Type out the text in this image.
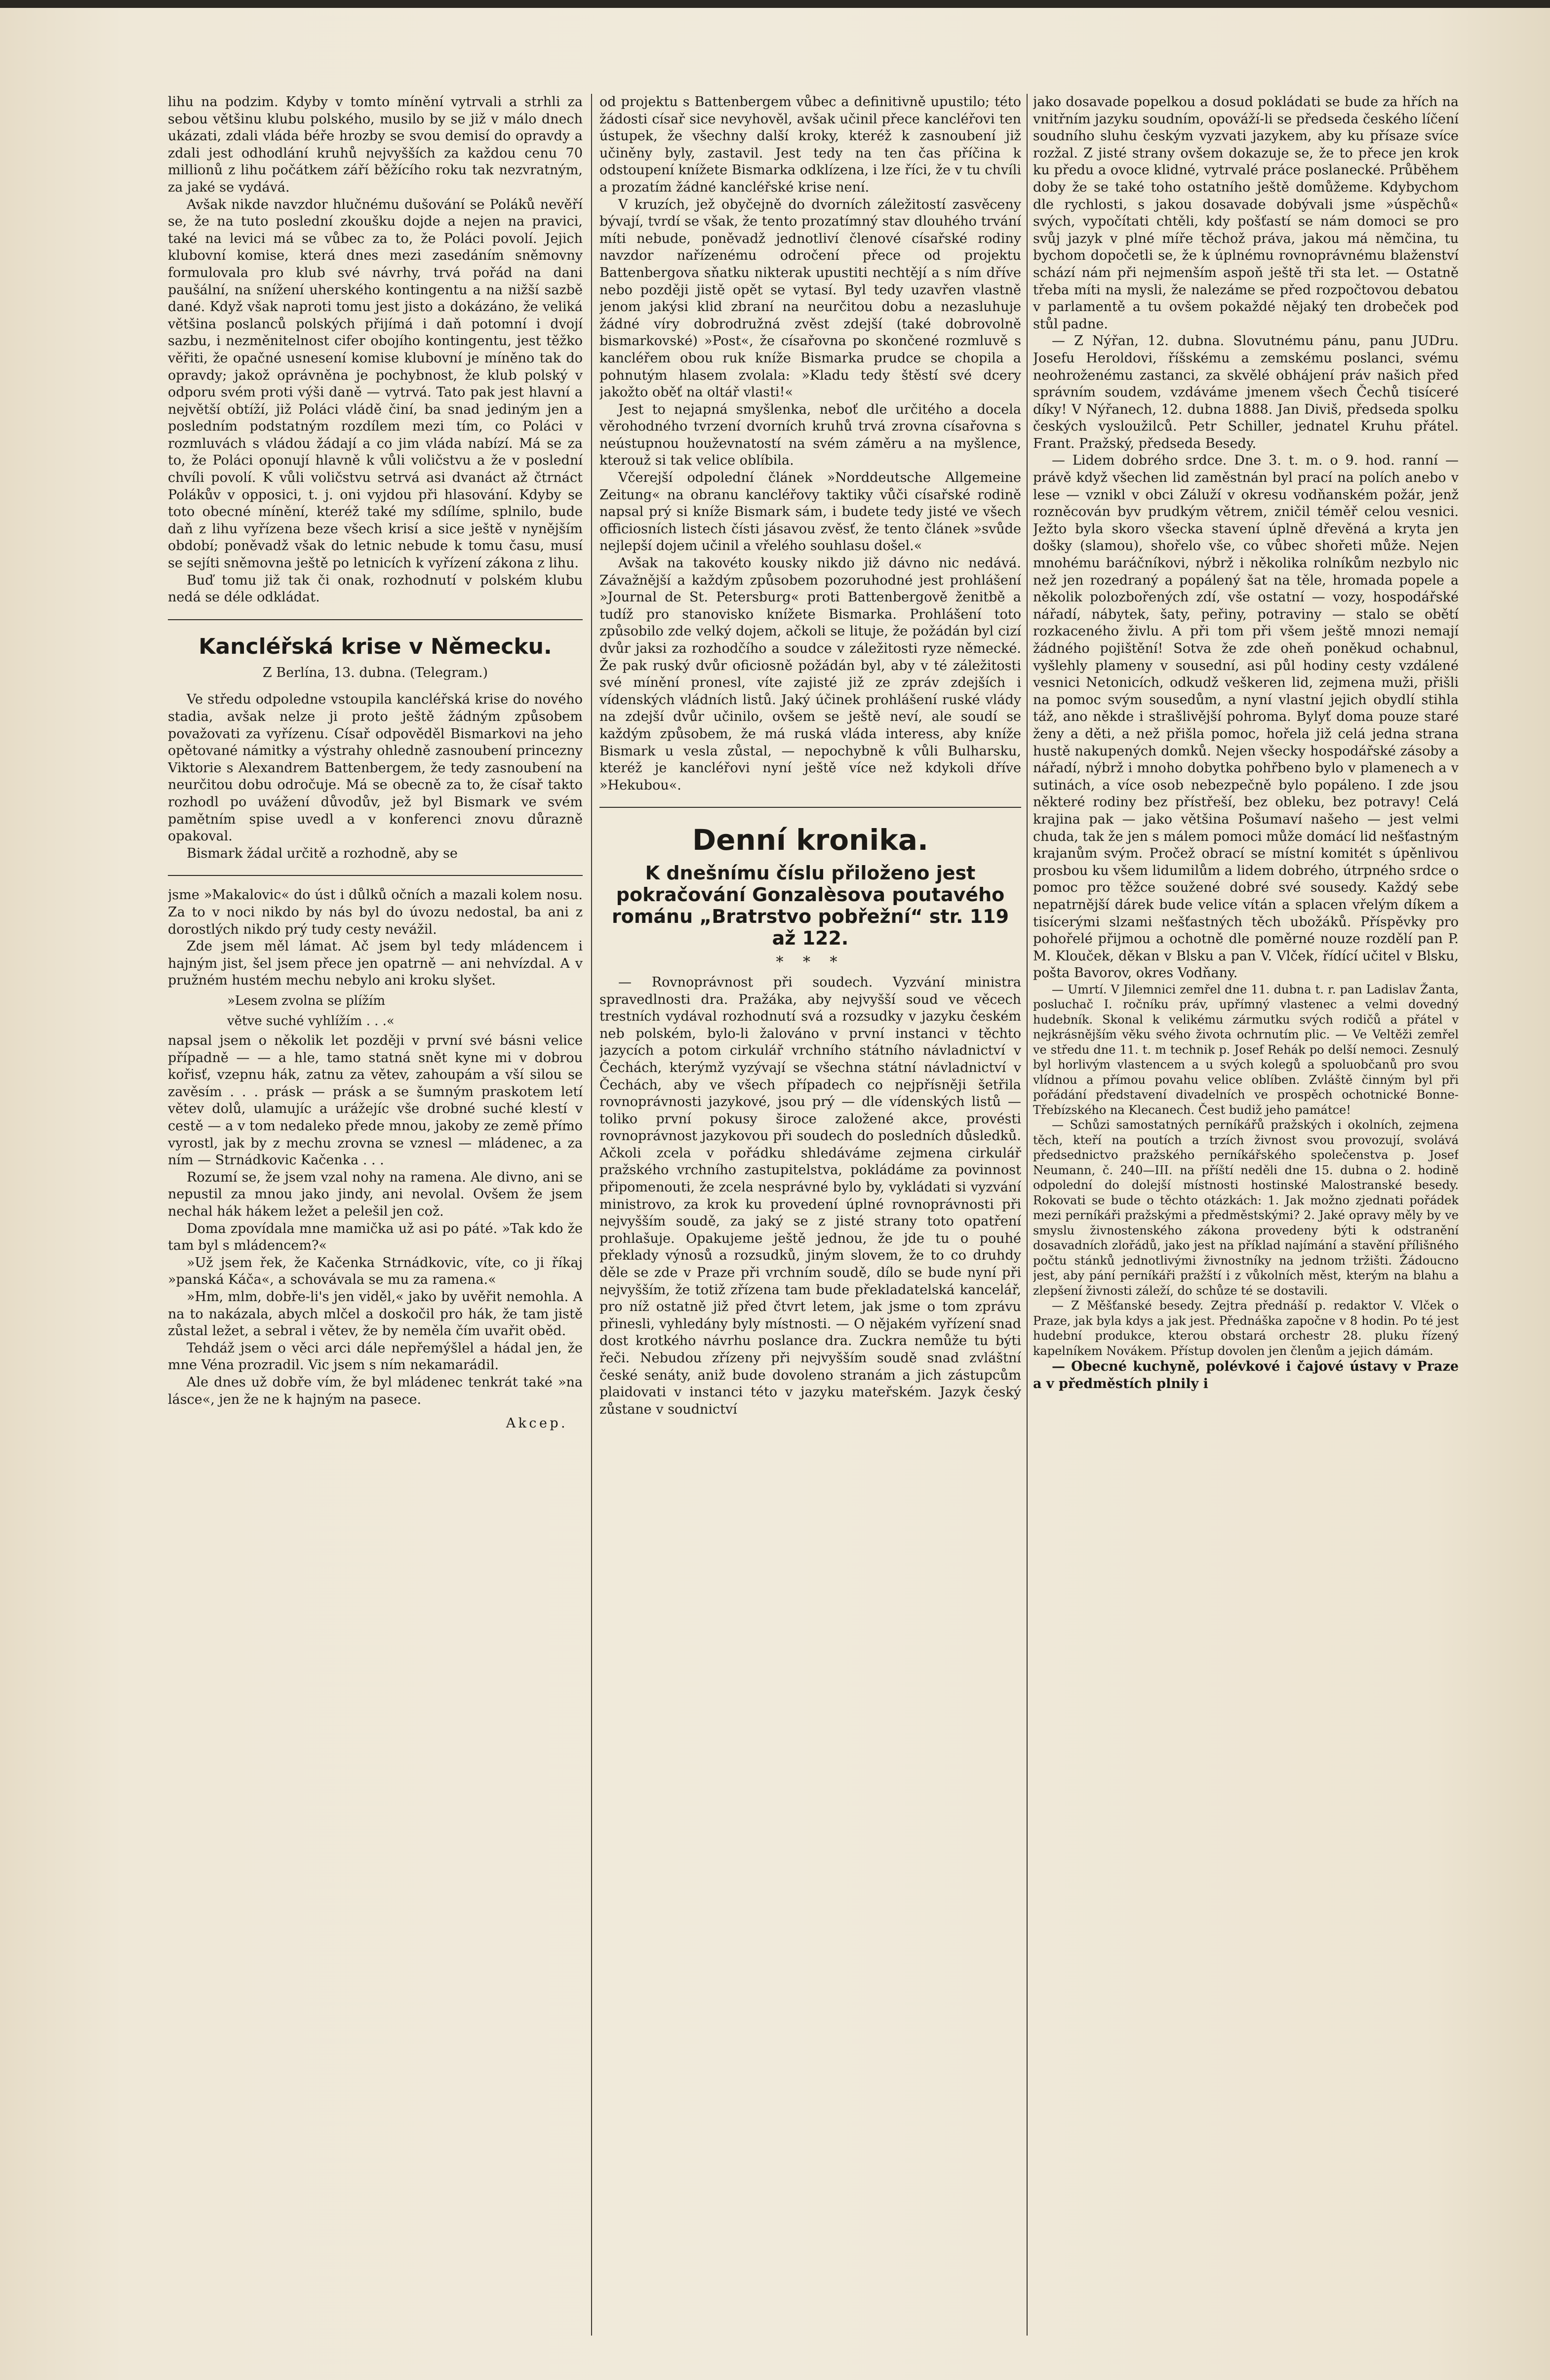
lihu na podzim. Kdyby v tomto mínění vytrvali a strhli za sebou většinu klubu polského, musilo by se již v málo dnech ukázati, zdali vláda béře hrozby se svou demisí do opravdy a zdali jest odhodlání kruhů nejvyšších za každou cenu 70 millionů z lihu počátkem září běžícího roku tak nezvratným, za jaké se vydává.

Avšak nikde navzdor hlučnému dušování se Poláků nevěří se, že na tuto poslední zkoušku dojde a nejen na pravici, také na levici má se vůbec za to, že Poláci povolí. Jejich klubovní komise, která dnes mezi zasedáním sněmovny formulovala pro klub své návrhy, trvá pořád na dani paušální, na snížení uherského kontingentu a na nižší sazbě dané. Když však naproti tomu jest jisto a dokázáno, že veliká většina poslanců polských přijímá i daň potomní i dvojí sazbu, i nezměnitelnost cifer obojího kontingentu, jest těžko věřiti, že opačné usnesení komise klubovní je míněno tak do opravdy; jakož oprávněna je pochybnost, že klub polský v odporu svém proti výši daně — vytrvá. Tato pak jest hlavní a největší obtíží, již Poláci vládě činí, ba snad jediným jen a posledním podstatným rozdílem mezi tím, co Poláci v rozmluvách s vládou žádají a co jim vláda nabízí. Má se za to, že Poláci oponují hlavně k vůli voličstvu a že v poslední chvíli povolí. K vůli voličstvu setrvá asi dvanáct až čtrnáct Polákův v opposici, t. j. oni vyjdou při hlasování. Kdyby se toto obecné mínění, kteréž také my sdílíme, splnilo, bude daň z lihu vyřízena beze všech krisí a sice ještě v nynějším období; poněvadž však do letnic nebude k tomu času, musí se sejíti sněmovna ještě po letnicích k vyřízení zákona z lihu.

Buď tomu již tak či onak, rozhodnutí v polském klubu nedá se déle odkládat.

Kancléřská krise v Německu.
Z Berlína, 13. dubna. (Telegram.)

Ve středu odpoledne vstoupila kancléřská krise do nového stadia, avšak nelze ji proto ještě žádným způsobem považovati za vyřízenu. Císař odpověděl Bismarkovi na jeho opětované námitky a výstrahy ohledně zasnoubení princezny Viktorie s Alexandrem Battenbergem, že tedy zasnoubení na neurčitou dobu odročuje. Má se obecně za to, že císař takto rozhodl po uvážení důvodův, jež byl Bismark ve svém pamětním spise uvedl a v konferenci znovu důrazně opakoval.

Bismark žádal určitě a rozhodně, aby se

jsme »Makalovic« do úst i důlků očních a mazali kolem nosu. Za to v noci nikdo by nás byl do úvozu nedostal, ba ani z dorostlých nikdo prý tudy cesty nevážil.

Zde jsem měl lámat. Ač jsem byl tedy mládencem i hajným jist, šel jsem přece jen opatrně — ani nehvízdal. A v pružném hustém mechu nebylo ani kroku slyšet.

»Lesem zvolna se plížím

větve suché vyhlížím . . .«

napsal jsem o několik let později v první své básni velice případně — — a hle, tamo statná snět kyne mi v dobrou kořisť, vzepnu hák, zatnu za větev, zahoupám a vší silou se zavěsím . . . prásk — prásk a se šumným praskotem letí větev dolů, ulamujíc a urážejíc vše drobné suché klestí v cestě — a v tom nedaleko přede mnou, jakoby ze země přímo vyrostl, jak by z mechu zrovna se vznesl — mládenec, a za ním — Strnádkovic Kačenka . . .

Rozumí se, že jsem vzal nohy na ramena. Ale divno, ani se nepustil za mnou jako jindy, ani nevolal. Ovšem že jsem nechal hák hákem ležet a pelešil jen což.

Doma zpovídala mne mamička už asi po páté. »Tak kdo že tam byl s mládencem?«

»Už jsem řek, že Kačenka Strnádkovic, víte, co ji říkaj »panská Káča«, a schovávala se mu za ramena.«

»Hm, mlm, dobře-li's jen viděl,« jako by uvěřit nemohla. A na to nakázala, abych mlčel a doskočil pro hák, že tam jistě zůstal ležet, a sebral i větev, že by neměla čím uvařit oběd.

Tehdáž jsem o věci arci dále nepřemýšlel a hádal jen, že mne Véna prozradil. Vic jsem s ním nekamarádil.

Ale dnes už dobře vím, že byl mládenec tenkrát také »na lásce«, jen že ne k hajným na pasece.

Akcep.

od projektu s Battenbergem vůbec a definitivně upustilo; této žádosti císař sice nevyhověl, avšak učinil přece kancléřovi ten ústupek, že všechny další kroky, kteréž k zasnoubení již učiněny byly, zastavil. Jest tedy na ten čas příčina k odstoupení knížete Bismarka odklízena, i lze říci, že v tu chvíli a prozatím žádné kancléřské krise není.

V kruzích, jež obyčejně do dvorních záležitostí zasvěceny bývají, tvrdí se však, že tento prozatímný stav dlouhého trvání míti nebude, poněvadž jednotliví členové císařské rodiny navzdor nařízenému odročení přece od projektu Battenbergova sňatku nikterak upustiti nechtějí a s ním dříve nebo později jistě opět se vytasí. Byl tedy uzavřen vlastně jenom jakýsi klid zbraní na neurčitou dobu a nezasluhuje žádné víry dobrodružná zvěst zdejší (také dobrovolně bismarkovské) »Post«, že císařovna po skončené rozmluvě s kancléřem obou ruk kníže Bismarka prudce se chopila a pohnutým hlasem zvolala: »Kladu tedy štěstí své dcery jakožto oběť na oltář vlasti!«

Jest to nejapná smyšlenka, neboť dle určitého a docela věrohodného tvrzení dvorních kruhů trvá zrovna císařovna s neústupnou houževnatostí na svém záměru a na myšlence, kterouž si tak velice oblíbila.

Včerejší odpolední článek »Norddeutsche Allgemeine Zeitung« na obranu kancléřovy taktiky vůči císařské rodině napsal prý si kníže Bismark sám, i budete tedy jisté ve všech officiosních listech čísti jásavou zvěsť, že tento článek »svůde nejlepší dojem učinil a vřelého souhlasu došel.«

Avšak na takovéto kousky nikdo již dávno nic nedává. Závažnější a každým způsobem pozoruhodné jest prohlášení »Journal de St. Petersburg« proti Battenbergově ženitbě a tudíž pro stanovisko knížete Bismarka. Prohlášení toto způsobilo zde velký dojem, ačkoli se lituje, že požádán byl cizí dvůr jaksi za rozhodčího a soudce v záležitosti ryze německé. Že pak ruský dvůr oficiosně požádán byl, aby v té záležitosti své mínění pronesl, víte zajisté již ze zpráv zdejších i vídenských vládních listů. Jaký účinek prohlášení ruské vlády na zdejší dvůr učinilo, ovšem se ještě neví, ale soudí se každým způsobem, že má ruská vláda interess, aby kníže Bismark u vesla zůstal, — nepochybně k vůli Bulharsku, kteréž je kancléřovi nyní ještě více než kdykoli dříve »Hekubou«.

Denní kronika.
K dnešnímu číslu přiloženo jest pokračování Gonzalèsova poutavého románu „Bratrstvo pobřežní“ str. 119 až 122.
* * *

— Rovnoprávnost při soudech. Vyzvání ministra spravedlnosti dra. Pražáka, aby nejvyšší soud ve věcech trestních vydával rozhodnutí svá a rozsudky v jazyku českém neb polském, bylo-li žalováno v první instanci v těchto jazycích a potom cirkulář vrchního státního návladnictví v Čechách, kterýmž vyzývají se všechna státní návladnictví v Čechách, aby ve všech případech co nejpřísněji šetřila rovnoprávnosti jazykové, jsou prý — dle vídenských listů — toliko první pokusy široce založené akce, provésti rovnoprávnost jazykovou při soudech do posledních důsledků. Ačkoli zcela v pořádku shledáváme zejmena cirkulář pražského vrchního zastupitelstva, pokládáme za povinnost připomenouti, že zcela nesprávné bylo by, vykládati si vyzvání ministrovo, za krok ku provedení úplné rovnoprávnosti při nejvyšším soudě, za jaký se z jisté strany toto opatření prohlašuje. Opakujeme ještě jednou, že jde tu o pouhé překlady výnosů a rozsudků, jiným slovem, že to co druhdy děle se zde v Praze při vrchním soudě, dílo se bude nyní při nejvyšším, že totiž zřízena tam bude překladatelská kancelář, pro níž ostatně již před čtvrt letem, jak jsme o tom zprávu přinesli, vyhledány byly místnosti. — O nějakém vyřízení snad dost krotkého návrhu poslance dra. Zuckra nemůže tu býti řeči. Nebudou zřízeny při nejvyšším soudě snad zvláštní české senáty, aniž bude dovoleno stranám a jich zástupcům plaidovati v instanci této v jazyku mateřském. Jazyk český zůstane v soudnictví

jako dosavade popelkou a dosud pokládati se bude za hřích na vnitřním jazyku soudním, opováží-li se předseda českého líčení soudního sluhu českým vyzvati jazykem, aby ku přísaze svíce rozžal. Z jisté strany ovšem dokazuje se, že to přece jen krok ku předu a ovoce klidné, vytrvalé práce poslanecké. Průběhem doby že se také toho ostatního ještě domůžeme. Kdybychom dle rychlosti, s jakou dosavade dobývali jsme »úspěchů« svých, vypočítati chtěli, kdy pošťastí se nám domoci se pro svůj jazyk v plné míře těchož práva, jakou má němčina, tu bychom dopočetli se, že k úplnému rovnoprávnému blaženství schází nám při nejmenším aspoň ještě tři sta let. — Ostatně třeba míti na mysli, že nalezáme se před rozpočtovou debatou v parlamentě a tu ovšem pokaždé nějaký ten drobeček pod stůl padne.

— Z Nýřan, 12. dubna. Slovutnému pánu, panu JUDru. Josefu Heroldovi, říšskému a zemskému poslanci, svému neohroženému zastanci, za skvělé obhájení práv našich před správním soudem, vzdáváme jmenem všech Čechů tisíceré díky! V Nýřanech, 12. dubna 1888. Jan Diviš, předseda spolku českých vysloužilců. Petr Schiller, jednatel Kruhu přátel. Frant. Pražský, předseda Besedy.

— Lidem dobrého srdce. Dne 3. t. m. o 9. hod. ranní — právě když všechen lid zaměstnán byl prací na polích anebo v lese — vznikl v obci Záluží v okresu vodňanském požár, jenž rozněcován byv prudkým větrem, zničil téměř celou vesnici. Ježto byla skoro všecka stavení úplně dřevěná a kryta jen došky (slamou), shořelo vše, co vůbec shořeti může. Nejen mnohému baráčníkovi, nýbrž i několika rolníkům nezbylo nic než jen rozedraný a popálený šat na těle, hromada popele a několik polozbořených zdí, vše ostatní — vozy, hospodářské nářadí, nábytek, šaty, peřiny, potraviny — stalo se obětí rozkaceného živlu. A při tom při všem ještě mnozi nemají žádného pojištění! Sotva že zde oheň poněkud ochabnul, vyšlehly plameny v sousední, asi půl hodiny cesty vzdálené vesnici Netonicích, odkudž veškeren lid, zejmena muži, přišli na pomoc svým sousedům, a nyní vlastní jejich obydlí stihla táž, ano někde i strašlivější pohroma. Bylyť doma pouze staré ženy a děti, a než přišla pomoc, hořela již celá jedna strana hustě nakupených domků. Nejen všecky hospodářské zásoby a nářadí, nýbrž i mnoho dobytka pohřbeno bylo v plamenech a v sutinách, a více osob nebezpečně bylo popáleno. I zde jsou některé rodiny bez přístřeší, bez obleku, bez potravy! Celá krajina pak — jako většina Pošumaví našeho — jest velmi chuda, tak že jen s málem pomoci může domácí lid nešťastným krajanům svým. Pročež obrací se místní komitét s úpěnlivou prosbou ku všem lidumilům a lidem dobrého, útrpného srdce o pomoc pro těžce soužené dobré své sousedy. Každý sebe nepatrnější dárek bude velice vítán a splacen vřelým díkem a tisícerými slzami nešťastných těch ubožáků. Příspěvky pro pohořelé přijmou a ochotně dle poměrné nouze rozdělí pan P. M. Klouček, děkan v Blsku a pan V. Vlček, řídící učitel v Blsku, pošta Bavorov, okres Vodňany.

— Umrtí. V Jilemnici zemřel dne 11. dubna t. r. pan Ladislav Žanta, posluchač I. ročníku práv, upřímný vlastenec a velmi dovedný hudebník. Skonal k velikému zármutku svých rodičů a přátel v nejkrásnějším věku svého života ochrnutím plic. — Ve Veltěži zemřel ve středu dne 11. t. m technik p. Josef Rehák po delší nemoci. Zesnulý byl horlivým vlastencem a u svých kolegů a spoluobčanů pro svou vlídnou a přímou povahu velice oblíben. Zvláště činným byl při pořádání představení divadelních ve prospěch ochotnické Bonne-Třebízského na Klecanech. Čest budiž jeho památce!

— Schůzi samostatných perníkářů pražských i okolních, zejmena těch, kteří na poutích a trzích živnost svou provozují, svolává předsednictvo pražského perníkářského společenstva p. Josef Neumann, č. 240—III. na příští neděli dne 15. dubna o 2. hodině odpolední do dolejší místnosti hostinské Malostranské besedy. Rokovati se bude o těchto otázkách: 1. Jak možno zjednati pořádek mezi perníkáři pražskými a předměstskými? 2. Jaké opravy měly by ve smyslu živnostenského zákona provedeny býti k odstranění dosavadních zlořádů, jako jest na příklad najímání a stavění přílišného počtu stánků jednotlivými živnostníky na jednom tržišti. Žádoucno jest, aby pání perníkáři pražští i z vůkolních měst, kterým na blahu a zlepšení živnosti záleží, do schůze té se dostavili.

— Z Měšťanské besedy. Zejtra přednáší p. redaktor V. Vlček o Praze, jak byla kdys a jak jest. Přednáška započne v 8 hodin. Po té jest hudební produkce, kterou obstará orchestr 28. pluku řízený kapelníkem Novákem. Přístup dovolen jen členům a jejich dámám.

— Obecné kuchyně, polévkové i čajové ústavy v Praze a v předměstích plnily i
